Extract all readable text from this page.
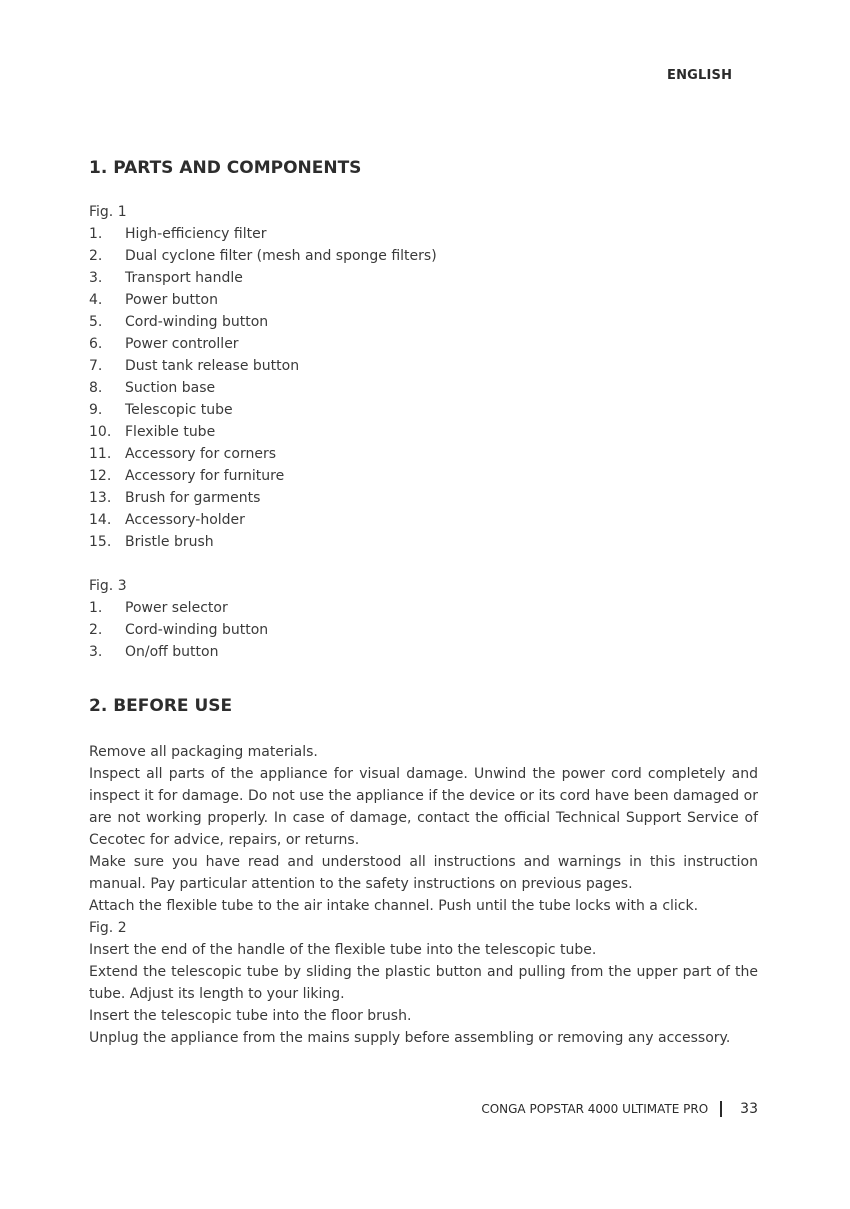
ENGLISH
1. PARTS AND COMPONENTS

Fig. 1

1.	High-efficiency filter
2.	Dual cyclone filter (mesh and sponge filters)
3.	Transport handle
4.	Power button
5.	Cord-winding button
6.	Power controller
7.	Dust tank release button
8.	Suction base
9.	Telescopic tube
10. Flexible tube
11. Accessory for corners
12. Accessory for furniture
13. Brush for garments
14. Accessory-holder
15. Bristle brush

Fig. 3

1.	Power selector
2.	Cord-winding button
3.	On/off button
2. BEFORE USE

Remove all packaging materials.

Inspect all parts of the appliance for visual damage. Unwind the power cord completely and inspect it for damage. Do not use the appliance if the device or its cord have been damaged or are not working properly. In case of damage, contact the official Technical Support Service of Cecotec for advice, repairs, or returns.

Make sure you have read and understood all instructions and warnings in this instruction manual. Pay particular attention to the safety instructions on previous pages.

Attach the flexible tube to the air intake channel. Push until the tube locks with a click.

Fig. 2

Insert the end of the handle of the flexible tube into the telescopic tube.

Extend the telescopic tube by sliding the plastic button and pulling from the upper part of the tube. Adjust its length to your liking.

Insert the telescopic tube into the floor brush.

Unplug the appliance from the mains supply before assembling or removing any accessory.

CONGA POPSTAR 4000 ULTIMATE PRO 33
